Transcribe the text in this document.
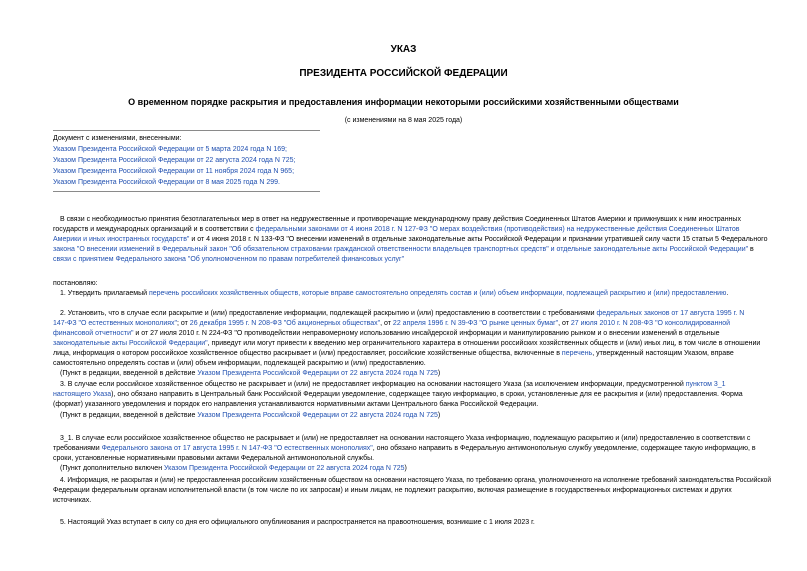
УКАЗ
ПРЕЗИДЕНТА РОССИЙСКОЙ ФЕДЕРАЦИИ
О временном порядке раскрытия и предоставления информации некоторыми российскими хозяйственными обществами
(с изменениями на 8 мая 2025 года)
Документ с изменениями, внесенными:
Указом Президента Российской Федерации от 5 марта 2024 года N 169;
Указом Президента Российской Федерации от 22 августа 2024 года N 725;
Указом Президента Российской Федерации от 11 ноября 2024 года N 965;
Указом Президента Российской Федерации от 8 мая 2025 года N 299.
В связи с необходимостью принятия безотлагательных мер в ответ на недружественные и противоречащие международному праву действия Соединенных Штатов Америки и примкнувших к ним иностранных
государств и международных организаций и в соответствии с федеральными законами от 4 июня 2018 г. N 127-ФЗ "О мерах воздействия (противодействия) на недружественные действия Соединенных Штатов
Америки и иных иностранных государств" и от 4 июня 2018 г. N 133-ФЗ "О внесении изменений в отдельные законодательные акты Российской Федерации и признании утратившей силу части 15 статьи 5 Федерального
закона "О внесении изменений в Федеральный закон "Об обязательном страховании гражданской ответственности владельцев транспортных средств" и отдельные законодательные акты Российской Федерации" в
связи с принятием Федерального закона "Об уполномоченном по правам потребителей финансовых услуг"
постановляю:
1. Утвердить прилагаемый перечень российских хозяйственных обществ, которые вправе самостоятельно определять состав и (или) объем информации, подлежащей раскрытию и (или) предоставлению.
2. Установить, что в случае если раскрытие и (или) предоставление информации, подлежащей раскрытию и (или) предоставлению в соответствии с требованиями федеральных законов от 17 августа 1995 г. N
147-ФЗ "О естественных монополиях"; от 26 декабря 1995 г. N 208-ФЗ "Об акционерных обществах", от 22 апреля 1996 г. N 39-ФЗ "О рынке ценных бумаг", от 27 июля 2010 г. N 208-ФЗ "О консолидированной
финансовой отчетности" и от 27 июля 2010 г. N 224-ФЗ "О противодействии неправомерному использованию инсайдерской информации и манипулированию рынком и о внесении изменений в отдельные
законодательные акты Российской Федерации", приведут или могут привести к введению мер ограничительного характера в отношении российских хозяйственных обществ и (или) иных лиц, в том числе в отношении
лица, информация о котором российское хозяйственное общество раскрывает и (или) предоставляет, российские хозяйственные общества, включенные в перечень, утвержденный настоящим Указом, вправе
самостоятельно определять состав и (или) объем информации, подлежащей раскрытию и (или) предоставлению.
(Пункт в редакции, введенной в действие Указом Президента Российской Федерации от 22 августа 2024 года N 725)
3. В случае если российское хозяйственное общество не раскрывает и (или) не предоставляет информацию на основании настоящего Указа (за исключением информации, предусмотренной пунктом 3_1
настоящего Указа), оно обязано направить в Центральный банк Российской Федерации уведомление, содержащее такую информацию, в сроки, установленные для ее раскрытия и (или) предоставления. Форма
(формат) указанного уведомления и порядок его направления устанавливаются нормативными актами Центрального банка Российской Федерации.
(Пункт в редакции, введенной в действие Указом Президента Российской Федерации от 22 августа 2024 года N 725)
3_1. В случае если российское хозяйственное общество не раскрывает и (или) не предоставляет на основании настоящего Указа информацию, подлежащую раскрытию и (или) предоставлению в соответствии с
требованиями Федерального закона от 17 августа 1995 г. N 147-ФЗ "О естественных монополиях", оно обязано направить в Федеральную антимонопольную службу уведомление, содержащее такую информацию, в
сроки, установленные нормативными правовыми актами Федеральной антимонопольной службы.
(Пункт дополнительно включен Указом Президента Российской Федерации от 22 августа 2024 года N 725)
4. Информация, не раскрытая и (или) не предоставленная российским хозяйственным обществом на основании настоящего Указа, по требованию органа, уполномоченного на исполнение требований законодательства Российской
Федерации федеральным органам исполнительной власти (в том числе по их запросам) и иным лицам, не подлежит раскрытию, включая размещение в государственных информационных системах и других
источниках.
5. Настоящий Указ вступает в силу со дня его официального опубликования и распространяется на правоотношения, возникшие с 1 июля 2023 г.
